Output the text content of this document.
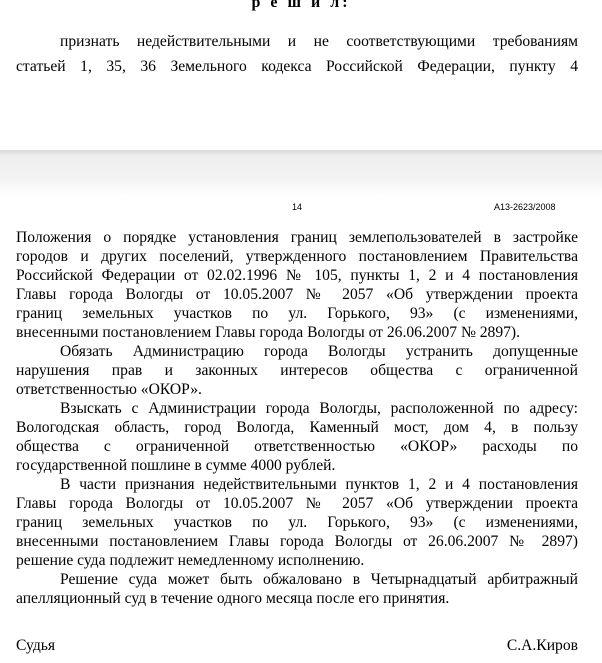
р е ш и л:
признать недействительными и не соответствующими требованиям
статьей 1, 35, 36 Земельного кодекса Российской Федерации, пункту 4
14	А13-2623/2008
Положения о порядке установления границ землепользователей в застройке
городов и других поселений, утвержденного постановлением Правительства
Российской Федерации от 02.02.1996 № 105, пункты 1, 2 и 4 постановления
Главы города Вологды от 10.05.2007 № 2057 «Об утверждении проекта
границ земельных участков по ул. Горького, 93» (с изменениями,
внесенными постановлением Главы города Вологды от 26.06.2007 № 2897).
Обязать Администрацию города Вологды устранить допущенные
нарушения прав и законных интересов общества с ограниченной
ответственностью «ОКОР».
Взыскать с Администрации города Вологды, расположенной по адресу:
Вологодская область, город Вологда, Каменный мост, дом 4, в пользу
общества с ограниченной ответственностью «ОКОР» расходы по
государственной пошлине в сумме 4000 рублей.
В части признания недействительными пунктов 1, 2 и 4 постановления
Главы города Вологды от 10.05.2007 № 2057 «Об утверждении проекта
границ земельных участков по ул. Горького, 93» (с изменениями,
внесенными постановлением Главы города Вологды от 26.06.2007 № 2897)
решение суда подлежит немедленному исполнению.
Решение суда может быть обжаловано в Четырнадцатый арбитражный
апелляционный суд в течение одного месяца после его принятия.
Судья	С.А.Киров
